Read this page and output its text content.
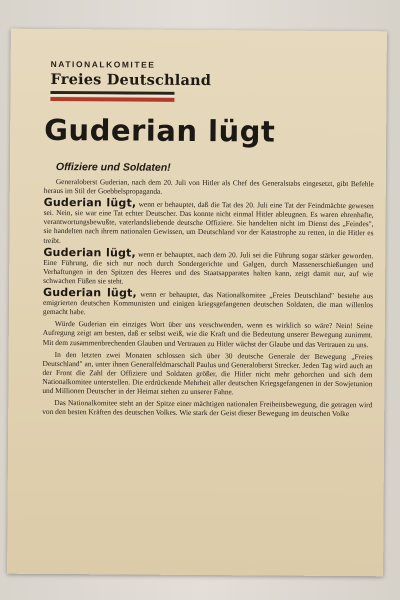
NATIONALKOMITEE
Freies Deutschland
Guderian lügt
Offiziere und Soldaten!

Generaloberst Guderian, nach dem 20. Juli von Hitler als Chef des Generalstabs eingesetzt, gibt Befehle heraus im Stil der Goebbelspropaganda.

Guderian lügt, wenn er behauptet, daß die Tat des 20. Juli eine Tat der Feindmächte gewesen sei. Nein, sie war eine Tat echter Deutscher. Das konnte nicht einmal Hitler ableugnen. Es waren ehrenhafte, verantwortungsbewußte, vaterlandsliebende deutsche Offiziere. Sie handelten nicht im Dienst des „Feindes", sie handelten nach ihrem nationalen Gewissen, um Deutschland vor der Katastrophe zu retten, in die Hitler es treibt.

Guderian lügt, wenn er behauptet, nach dem 20. Juli sei die Führung sogar stärker geworden. Eine Führung, die sich nur noch durch Sondergerichte und Galgen, durch Massenerschießungen und Verhaftungen in den Spitzen des Heeres und des Staatsapparates halten kann, zeigt damit nur, auf wie schwachen Füßen sie steht.

Guderian lügt, wenn er behauptet, das Nationalkomitee „Freies Deutschland" bestehe aus emigrierten deutschen Kommunisten und einigen kriegsgefangenen deutschen Soldaten, die man willenlos gemacht habe.

Würde Guderian ein einziges Wort über uns verschwenden, wenn es wirklich so wäre? Nein! Seine Aufregung zeigt am besten, daß er selbst weiß, wie die Kraft und die Bedeutung unserer Bewegung zunimmt. Mit dem zusammenbrechenden Glauben und Vertrauen zu Hitler wächst der Glaube und das Vertrauen zu uns.

In den letzten zwei Monaten schlossen sich über 30 deutsche Generale der Bewegung „Freies Deutschland" an, unter ihnen Generalfeldmarschall Paulus und Generaloberst Strecker. Jeden Tag wird auch an der Front die Zahl der Offiziere und Soldaten größer, die Hitler nicht mehr gehorchen und sich dem Nationalkomitee unterstellen. Die erdrückende Mehrheit aller deutschen Kriegsgefangenen in der Sowjetunion und Millionen Deutscher in der Heimat stehen zu unserer Fahne.

Das Nationalkomitee steht an der Spitze einer mächtigen nationalen Freiheitsbewegung, die getragen wird von den besten Kräften des deutschen Volkes. Wie stark der Geist dieser Bewegung im deutschen Volke
